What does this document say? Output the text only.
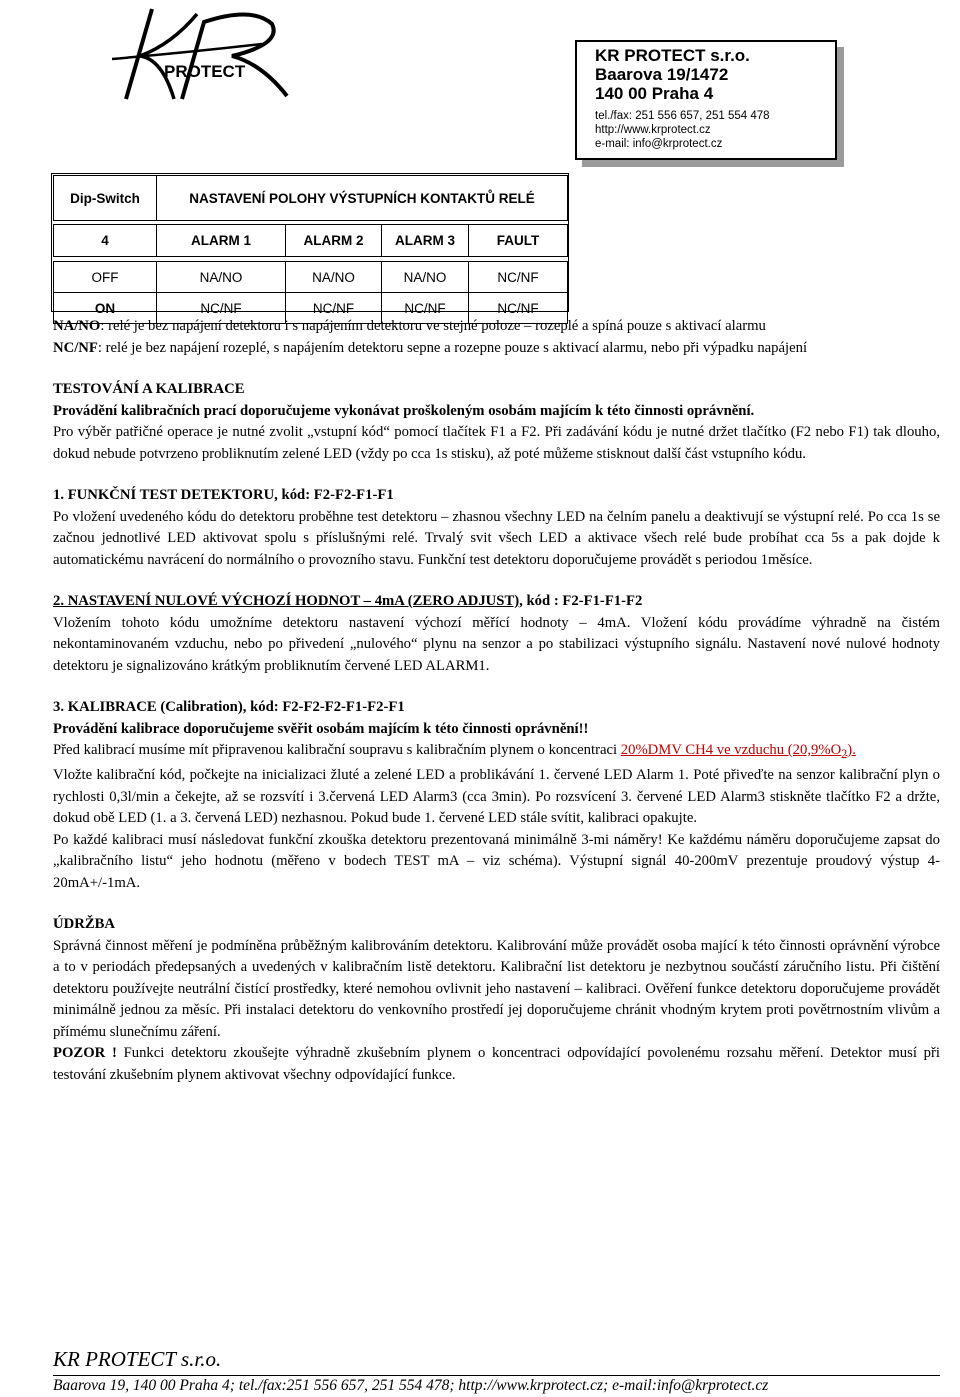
PROTECT
KR PROTECT s.r.o.
Baarova 19/1472
140 00 Praha 4
tel./fax: 251 556 657, 251 554 478
http://www.krprotect.cz
e-mail: info@krprotect.cz
Dip-Switch	NASTAVENÍ POLOHY VÝSTUPNÍCH KONTAKTŮ RELÉ
4	ALARM 1	ALARM 2	ALARM 3	FAULT

OFF	NA/NO	NA/NO	NA/NO	NC/NF
ON	NC/NF	NC/NF	NC/NF	NC/NF

NA/NO: relé je bez napájení detektoru i s napájením detektoru ve stejné poloze – rozeplé a spíná pouze s aktivací alarmu

NC/NF: relé je bez napájení rozeplé, s napájením detektoru sepne a rozepne pouze s aktivací alarmu, nebo při výpadku napájení

TESTOVÁNÍ A KALIBRACE

Provádění kalibračních prací doporučujeme vykonávat proškoleným osobám majícím k této činnosti oprávnění.

Pro výběr patřičné operace je nutné zvolit „vstupní kód“ pomocí tlačítek F1 a F2. Při zadávání kódu je nutné držet tlačítko (F2 nebo F1) tak dlouho, dokud nebude potvrzeno probliknutím zelené LED (vždy po cca 1s stisku), až poté můžeme stisknout další část vstupního kódu.

1. FUNKČNÍ TEST DETEKTORU, kód: F2-F2-F1-F1

Po vložení uvedeného kódu do detektoru proběhne test detektoru – zhasnou všechny LED na čelním panelu a deaktivují se výstupní relé. Po cca 1s se začnou jednotlivé LED aktivovat spolu s příslušnými relé. Trvalý svit všech LED a aktivace všech relé bude probíhat cca 5s a pak dojde k automatickému navrácení do normálního o provozního stavu. Funkční test detektoru doporučujeme provádět s periodou 1měsíce.

2. NASTAVENÍ NULOVÉ VÝCHOZÍ HODNOT – 4mA (ZERO ADJUST), kód : F2-F1-F1-F2

Vložením tohoto kódu umožníme detektoru nastavení výchozí měřící hodnoty – 4mA. Vložení kódu provádíme výhradně na čistém nekontaminovaném vzduchu, nebo po přivedení „nulového“ plynu na senzor a po stabilizaci výstupního signálu. Nastavení nové nulové hodnoty detektoru je signalizováno krátkým probliknutím červené LED ALARM1.

3. KALIBRACE (Calibration), kód: F2-F2-F2-F1-F2-F1

Provádění kalibrace doporučujeme svěřit osobám majícím k této činnosti oprávnění!!

Před kalibrací musíme mít připravenou kalibrační soupravu s kalibračním plynem o koncentraci 20%DMV CH4 ve vzduchu $(20,9\%O_2)$.

Vložte kalibrační kód, počkejte na inicializaci žluté a zelené LED a problikávání 1. červené LED Alarm 1. Poté přiveďte na senzor kalibrační plyn o rychlosti 0,3l/min a čekejte, až se rozsvítí i 3.červená LED Alarm3 (cca 3min). Po rozsvícení 3. červené LED Alarm3 stiskněte tlačítko F2 a držte, dokud obě LED (1. a 3. červená LED) nezhasnou. Pokud bude 1. červené LED stále svítit, kalibraci opakujte.

Po každé kalibraci musí následovat funkční zkouška detektoru prezentovaná minimálně 3-mi náměry! Ke každému náměru doporučujeme zapsat do „kalibračního listu“ jeho hodnotu (měřeno v bodech TEST mA – viz schéma). Výstupní signál 40-200mV prezentuje proudový výstup 4-20mA+/-1mA.

ÚDRŽBA

Správná činnost měření je podmíněna průběžným kalibrováním detektoru. Kalibrování může provádět osoba mající k této činnosti oprávnění výrobce a to v periodách předepsaných a uvedených v kalibračním listě detektoru. Kalibrační list detektoru je nezbytnou součástí záručního listu. Při čištění detektoru používejte neutrální čistící prostředky, které nemohou ovlivnit jeho nastavení – kalibraci. Ověření funkce detektoru doporučujeme provádět minimálně jednou za měsíc. Při instalaci detektoru do venkovního prostředí jej doporučujeme chránit vhodným krytem proti povětrnostním vlivům a přímému slunečnímu záření.

POZOR ! Funkci detektoru zkoušejte výhradně zkušebním plynem o koncentraci odpovídající povolenému rozsahu měření. Detektor musí při testování zkušebním plynem aktivovat všechny odpovídající funkce.

KR PROTECT s.r.o.
Baarova 19, 140 00 Praha 4; tel./fax:251 556 657, 251 554 478; http://www.krprotect.cz; e-mail:info@krprotect.cz
